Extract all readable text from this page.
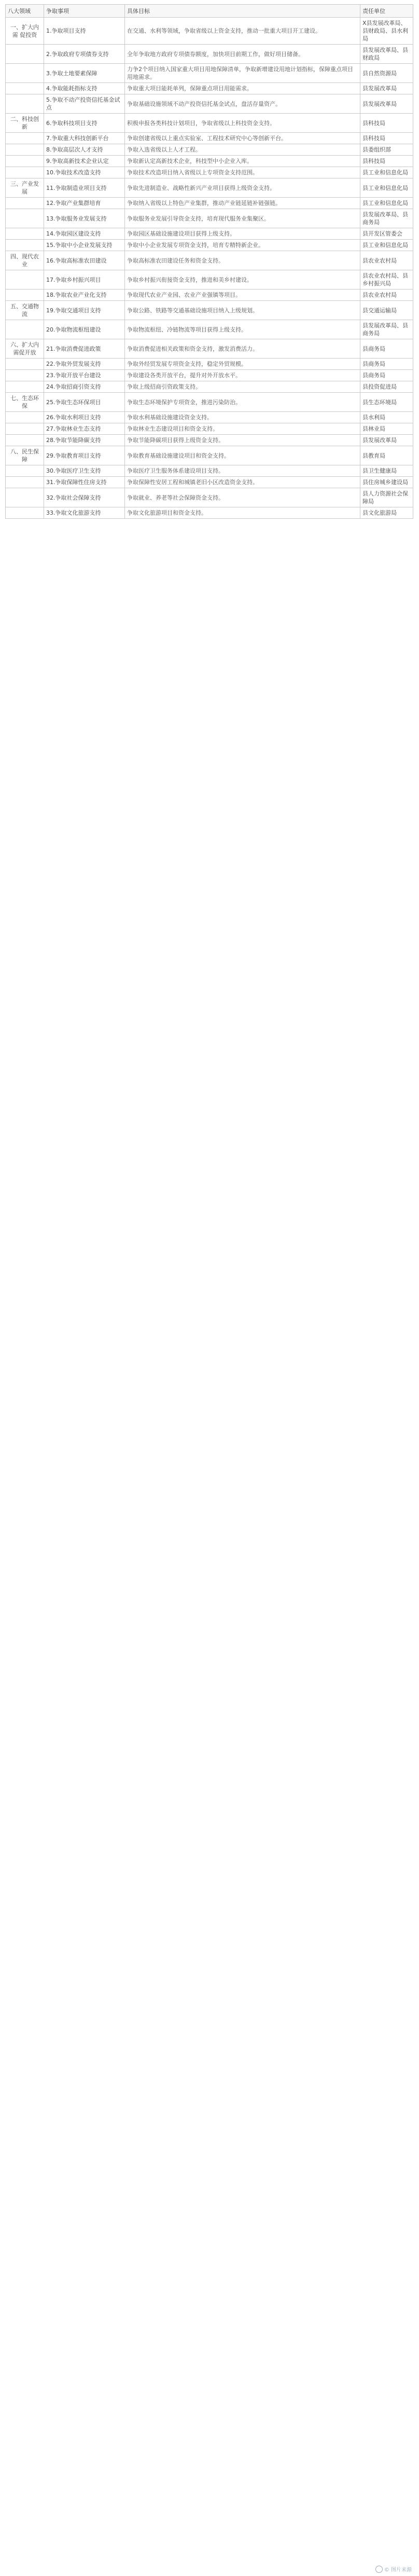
八大领域	争取事项	具体目标	责任单位
一、扩大内需 促投资	1.争取项目支持	在交通、水利等领域，争取省级以上资金支持，推动一批重大项目开工建设。	X县发展改革局、县财政局、县水利局
	2.争取政府专项债券支持	全年争取地方政府专项债券额度，加快项目前期工作，做好项目储备。	县发展改革局、县财政局
	3.争取土地要素保障	力争2个项目纳入国家重大项目用地保障清单，争取新增建设用地计划指标，保障重点项目用地需求。	县自然资源局
	4.争取能耗指标支持	争取重大项目能耗单列，保障重点项目用能需求。	县发展改革局
	5.争取不动产投资信托基金试点	争取基础设施领域不动产投资信托基金试点，盘活存量资产。	县发展改革局
二、科技创新	6.争取科技项目支持	积极申报各类科技计划项目，争取省级以上科技资金支持。	县科技局
	7.争取重大科技创新平台	争取创建省级以上重点实验室、工程技术研究中心等创新平台。	县科技局
	8.争取高层次人才支持	争取入选省级以上人才工程。	县委组织部
	9.争取高新技术企业认定	争取新认定高新技术企业，科技型中小企业入库。	县科技局
	10.争取技术改造支持	争取技术改造项目纳入省级以上专项资金支持范围。	县工业和信息化局
三、产业发展	11.争取制造业项目支持	争取先进制造业、战略性新兴产业项目获得上级资金支持。	县工业和信息化局
	12.争取产业集群培育	争取纳入省级以上特色产业集群，推动产业链延链补链强链。	县工业和信息化局
	13.争取服务业发展支持	争取服务业发展引导资金支持，培育现代服务业集聚区。	县发展改革局、县商务局
	14.争取园区建设支持	争取园区基础设施建设项目获得上级支持。	县开发区管委会
	15.争取中小企业发展支持	争取中小企业发展专项资金支持，培育专精特新企业。	县工业和信息化局
四、现代农业	16.争取高标准农田建设	争取高标准农田建设任务和资金支持。	县农业农村局
	17.争取乡村振兴项目	争取乡村振兴衔接资金支持，推进和美乡村建设。	县农业农村局、县乡村振兴局
	18.争取农业产业化支持	争取现代农业产业园、农业产业强镇等项目。	县农业农村局
五、交通物流	19.争取交通项目支持	争取公路、铁路等交通基础设施项目纳入上级规划。	县交通运输局
	20.争取物流枢纽建设	争取物流枢纽、冷链物流等项目获得上级支持。	县发展改革局、县商务局
六、扩大内需促开放	21.争取消费促进政策	争取消费促进相关政策和资金支持，激发消费活力。	县商务局
	22.争取外贸发展支持	争取外经贸发展专项资金支持，稳定外贸规模。	县商务局
	23.争取开放平台建设	争取建设各类开放平台，提升对外开放水平。	县商务局
	24.争取招商引资支持	争取上级招商引资政策支持。	县投资促进局
七、生态环保	25.争取生态环保项目	争取生态环境保护专项资金，推进污染防治。	县生态环境局
	26.争取水利项目支持	争取水利基础设施建设资金支持。	县水利局
	27.争取林业生态支持	争取林业生态建设项目和资金支持。	县林业局
	28.争取节能降碳支持	争取节能降碳项目获得上级资金支持。	县发展改革局
八、民生保障	29.争取教育项目支持	争取教育基础设施建设项目和资金支持。	县教育局
	30.争取医疗卫生支持	争取医疗卫生服务体系建设项目支持。	县卫生健康局
	31.争取保障性住房支持	争取保障性安居工程和城镇老旧小区改造资金支持。	县住房城乡建设局
	32.争取社会保障支持	争取就业、养老等社会保障资金支持。	县人力资源社会保障局
	33.争取文化旅游支持	争取文化旅游项目和资金支持。	县文化旅游局
© 图片来源
